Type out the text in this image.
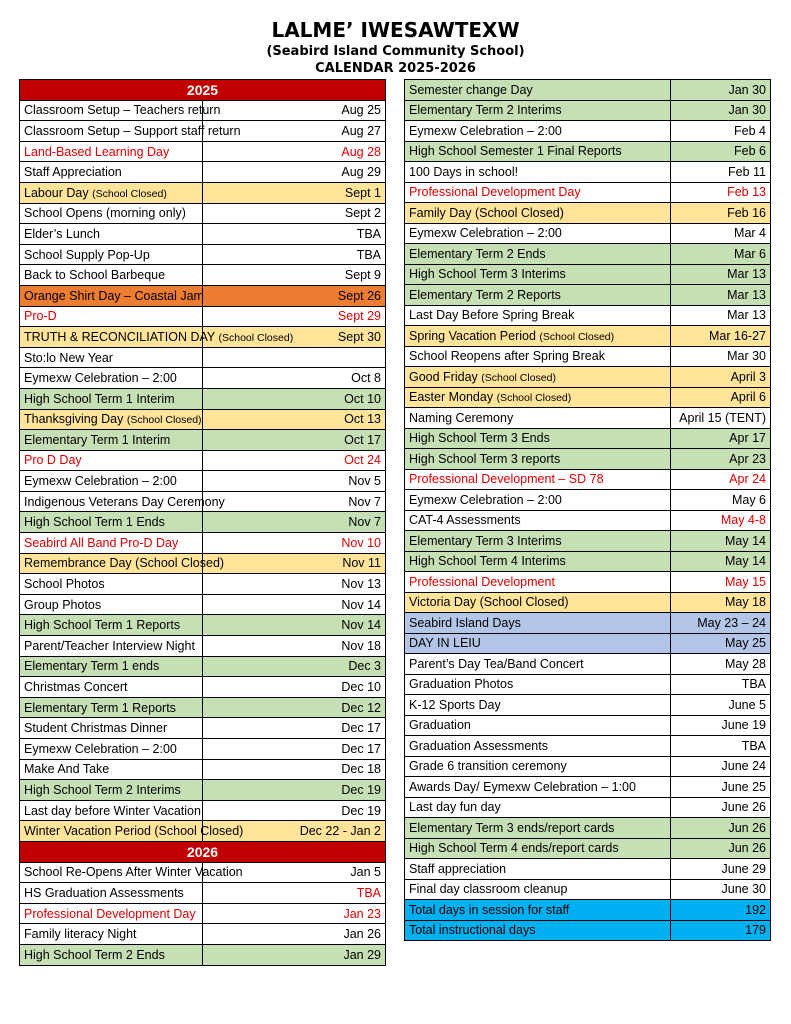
LALME’ IWESAWTEXW
(Seabird Island Community School)
CALENDAR 2025-2026
2025	
Classroom Setup – Teachers return	Aug 25
Classroom Setup – Support staff return	Aug 27
Land-Based Learning Day	Aug 28
Staff Appreciation	Aug 29
Labour Day (School Closed)	Sept 1
School Opens (morning only)	Sept 2
Elder’s Lunch	TBA
School Supply Pop-Up	TBA
Back to School Barbeque	Sept 9
Orange Shirt Day – Coastal Jam	Sept 26
Pro-D	Sept 29
TRUTH & RECONCILIATION DAY (School Closed)	Sept 30
Sto:lo New Year	
Eymexw Celebration – 2:00	Oct 8
High School Term 1 Interim	Oct 10
Thanksgiving Day (School Closed)	Oct 13
Elementary Term 1 Interim	Oct 17
Pro D Day	Oct 24
Eymexw Celebration – 2:00	Nov 5
Indigenous Veterans Day Ceremony	Nov 7
High School Term 1 Ends	Nov 7
Seabird All Band Pro-D Day	Nov 10
Remembrance Day (School Closed)	Nov 11
School Photos	Nov 13
Group Photos	Nov 14
High School Term 1 Reports	Nov 14
Parent/Teacher Interview Night	Nov 18
Elementary Term 1 ends	Dec 3
Christmas Concert	Dec 10
Elementary Term 1 Reports	Dec 12
Student Christmas Dinner	Dec 17
Eymexw Celebration – 2:00	Dec 17
Make And Take	Dec 18
High School Term 2 Interims	Dec 19
Last day before Winter Vacation	Dec 19
Winter Vacation Period (School Closed)	Dec 22 - Jan 2
2026	
School Re-Opens After Winter Vacation	Jan 5
HS Graduation Assessments	TBA
Professional Development Day	Jan 23
Family literacy Night	Jan 26
High School Term 2 Ends	Jan 29
Semester change Day	Jan 30
Elementary Term 2 Interims	Jan 30
Eymexw Celebration – 2:00	Feb 4
High School Semester 1 Final Reports	Feb 6
100 Days in school!	Feb 11
Professional Development Day	Feb 13
Family Day (School Closed)	Feb 16
Eymexw Celebration – 2:00	Mar 4
Elementary Term 2 Ends	Mar 6
High School Term 3 Interims	Mar 13
Elementary Term 2 Reports	Mar 13
Last Day Before Spring Break	Mar 13
Spring Vacation Period (School Closed)	Mar 16-27
School Reopens after Spring Break	Mar 30
Good Friday (School Closed)	April 3
Easter Monday (School Closed)	April 6
Naming Ceremony	April 15 (TENT)
High School Term 3 Ends	Apr 17
High School Term 3 reports	Apr 23
Professional Development – SD 78	Apr 24
Eymexw Celebration – 2:00	May 6
CAT-4 Assessments	May 4-8
Elementary Term 3 Interims	May 14
High School Term 4 Interims	May 14
Professional Development	May 15
Victoria Day (School Closed)	May 18
Seabird Island Days	May 23 – 24
DAY IN LEIU	May 25
Parent’s Day Tea/Band Concert	May 28
Graduation Photos	TBA
K-12 Sports Day	June 5
Graduation	June 19
Graduation Assessments	TBA
Grade 6 transition ceremony	June 24
Awards Day/ Eymexw Celebration – 1:00	June 25
Last day fun day	June 26
Elementary Term 3 ends/report cards	Jun 26
High School Term 4 ends/report cards	Jun 26
Staff appreciation	June 29
Final day classroom cleanup	June 30
Total days in session for staff	192
Total instructional days	179
